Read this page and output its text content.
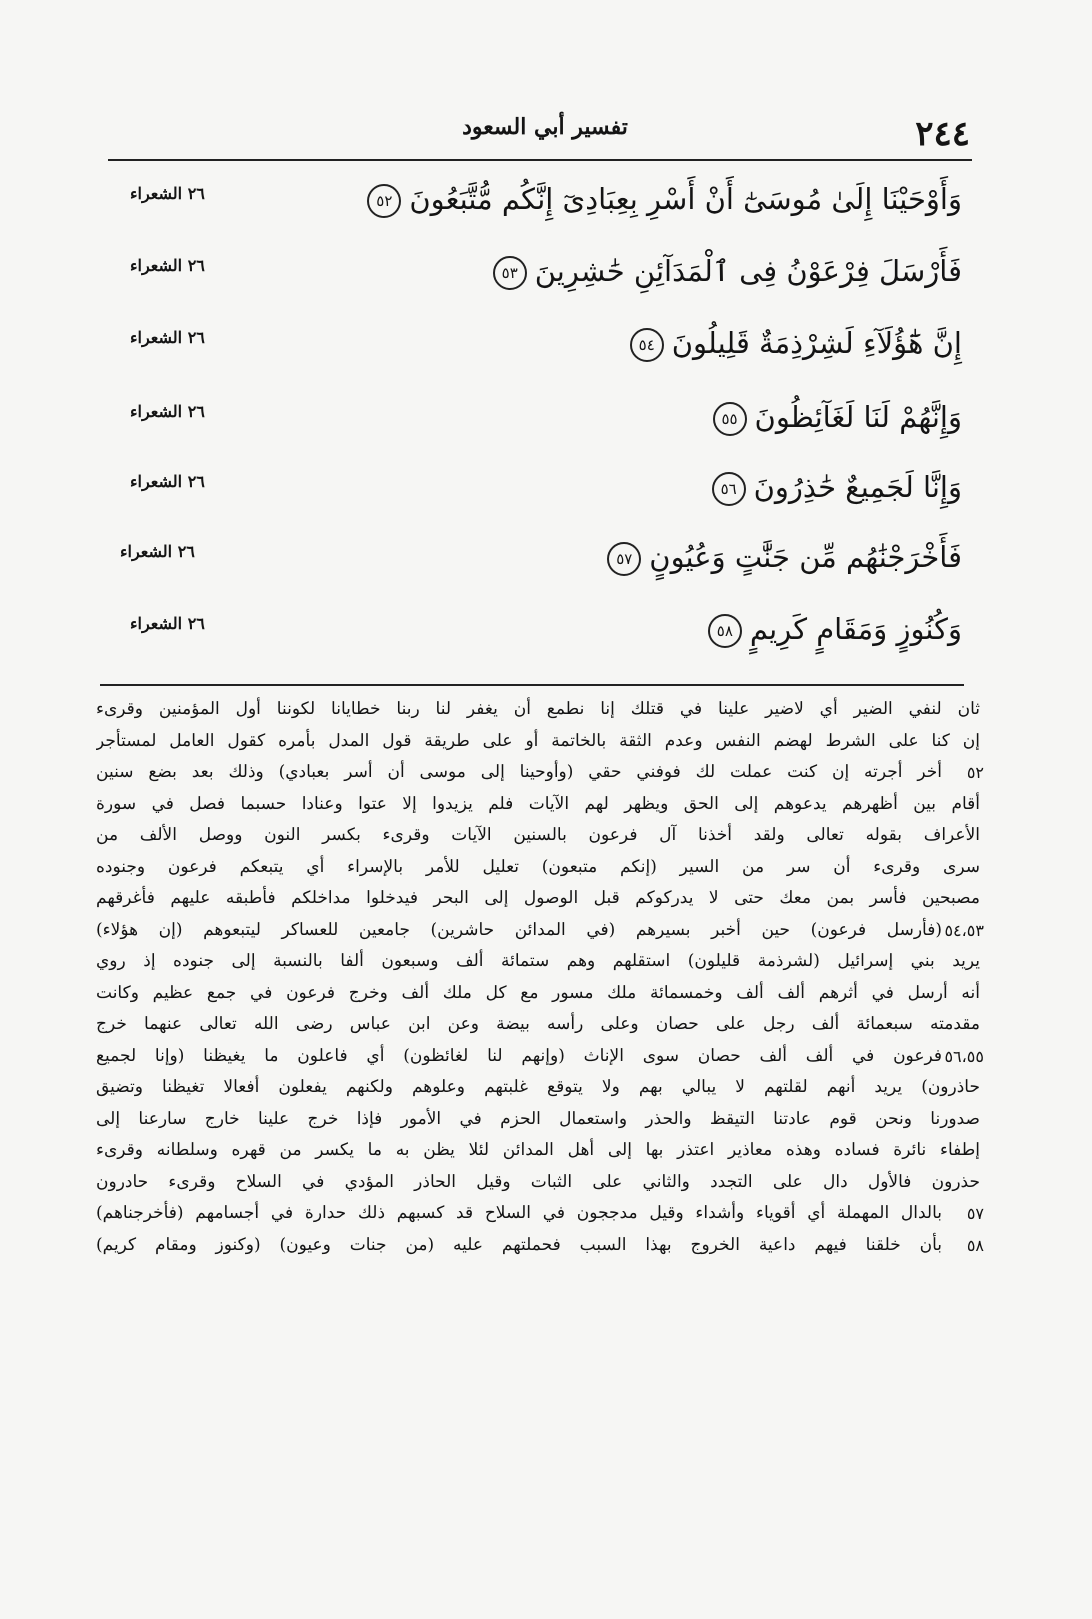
تفسير أبي السعود	٢٤٤
وَأَوْحَيْنَا إِلَىٰ مُوسَىٰٓ أَنْ أَسْرِ بِعِبَادِىٓ إِنَّكُم مُّتَّبَعُونَ٥٢
٢٦ الشعراء
فَأَرْسَلَ فِرْعَوْنُ فِى ٱلْمَدَآئِنِ حَٰشِرِينَ٥٣
٢٦ الشعراء
إِنَّ هَٰٓؤُلَآءِ لَشِرْذِمَةٌ قَلِيلُونَ٥٤
٢٦ الشعراء
وَإِنَّهُمْ لَنَا لَغَآئِظُونَ٥٥
٢٦ الشعراء
وَإِنَّا لَجَمِيعٌ حَٰذِرُونَ٥٦
٢٦ الشعراء
فَأَخْرَجْنَٰهُم مِّن جَنَّٰتٍ وَعُيُونٍ٥٧
٢٦ الشعراء
وَكُنُوزٍ وَمَقَامٍ كَرِيمٍ٥٨
٢٦ الشعراء
ثان لنفي الضير أي لاضير علينا في قتلك إنا نطمع أن يغفر لنا ربنا خطايانا لكوننا أول المؤمنين وقرىء
إن كنا على الشرط لهضم النفس وعدم الثقة بالخاتمة أو على طريقة قول المدل بأمره كقول العامل لمستأجر
أخر أجرته إن كنت عملت لك فوفني حقي (وأوحينا إلى موسى أن أسر بعبادي) وذلك بعد بضع سنين ٥٢
أقام بين أظهرهم يدعوهم إلى الحق ويظهر لهم الآيات فلم يزيدوا إلا عتوا وعنادا حسبما فصل في سورة
الأعراف بقوله تعالى ولقد أخذنا آل فرعون بالسنين الآيات وقرىء بكسر النون ووصل الألف من
سرى وقرىء أن سر من السير (إنكم متبعون) تعليل للأمر بالإسراء أي يتبعكم فرعون وجنوده
مصبحين فأسر بمن معك حتى لا يدركوكم قبل الوصول إلى البحر فيدخلوا مداخلكم فأطبقه عليهم فأغرقهم
(فأرسل فرعون) حين أخبر بسيرهم (في المدائن حاشرين) جامعين للعساكر ليتبعوهم (إن هؤلاء) ٥٤،٥٣
يريد بني إسرائيل (لشرذمة قليلون) استقلهم وهم ستمائة ألف وسبعون ألفا بالنسبة إلى جنوده إذ روي
أنه أرسل في أثرهم ألف ألف وخمسمائة ملك مسور مع كل ملك ألف وخرج فرعون في جمع عظيم وكانت
مقدمته سبعمائة ألف رجل على حصان وعلى رأسه بيضة وعن ابن عباس رضى الله تعالى عنهما خرج
فرعون في ألف ألف حصان سوى الإناث (وإنهم لنا لغائظون) أي فاعلون ما يغيظنا (وإنا لجميع ٥٦،٥٥
حاذرون) يريد أنهم لقلتهم لا يبالي بهم ولا يتوقع غلبتهم وعلوهم ولكنهم يفعلون أفعالا تغيظنا وتضيق
صدورنا ونحن قوم عادتنا التيقظ والحذر واستعمال الحزم في الأمور فإذا خرج علينا خارج سارعنا إلى
إطفاء نائرة فساده وهذه معاذير اعتذر بها إلى أهل المدائن لئلا يظن به ما يكسر من قهره وسلطانه وقرىء
حذرون فالأول دال على التجدد والثاني على الثبات وقيل الحاذر المؤدي في السلاح وقرىء حادرون
بالدال المهملة أي أقوياء وأشداء وقيل مدججون في السلاح قد كسبهم ذلك حدارة في أجسامهم (فأخرجناهم) ٥٧
بأن خلقنا فيهم داعية الخروج بهذا السبب فحملتهم عليه (من جنات وعيون) (وكنوز ومقام كريم) ٥٨
